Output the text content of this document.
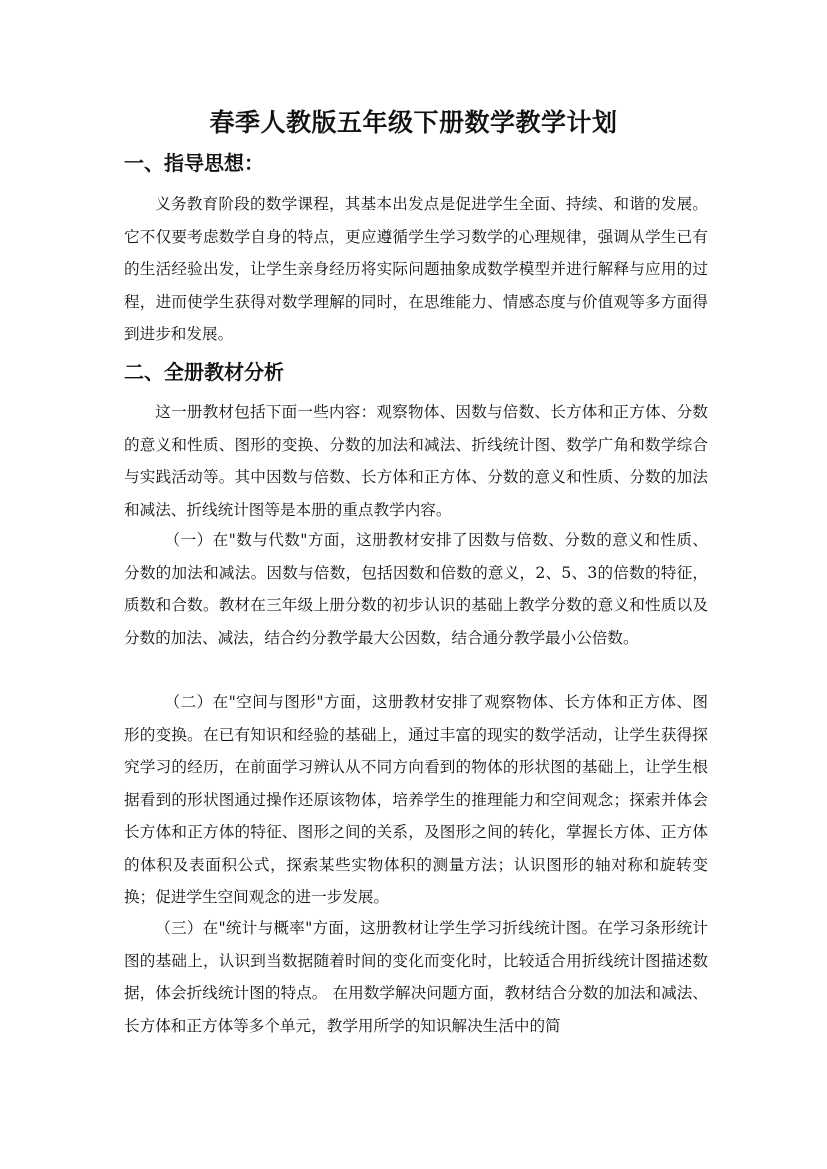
春季人教版五年级下册数学教学计划
一、指导思想：

义务教育阶段的数学课程，其基本出发点是促进学生全面、持续、和谐的发展。它不仅要考虑数学自身的特点，更应遵循学生学习数学的心理规律，强调从学生已有的生活经验出发，让学生亲身经历将实际问题抽象成数学模型并进行解释与应用的过程，进而使学生获得对数学理解的同时，在思维能力、情感态度与价值观等多方面得到进步和发展。

二、全册教材分析

这一册教材包括下面一些内容：观察物体、因数与倍数、长方体和正方体、分数的意义和性质、图形的变换、分数的加法和减法、折线统计图、数学广角和数学综合与实践活动等。其中因数与倍数、长方体和正方体、分数的意义和性质、分数的加法和减法、折线统计图等是本册的重点教学内容。

（一）在"数与代数"方面，这册教材安排了因数与倍数、分数的意义和性质、分数的加法和减法。因数与倍数，包括因数和倍数的意义，2、5、3的倍数的特征，质数和合数。教材在三年级上册分数的初步认识的基础上教学分数的意义和性质以及分数的加法、减法，结合约分教学最大公因数，结合通分教学最小公倍数。

（二）在"空间与图形"方面，这册教材安排了观察物体、长方体和正方体、图形的变换。在已有知识和经验的基础上，通过丰富的现实的数学活动，让学生获得探究学习的经历，在前面学习辨认从不同方向看到的物体的形状图的基础上，让学生根据看到的形状图通过操作还原该物体，培养学生的推理能力和空间观念；探索并体会长方体和正方体的特征、图形之间的关系，及图形之间的转化，掌握长方体、正方体的体积及表面积公式，探索某些实物体积的测量方法；认识图形的轴对称和旋转变换；促进学生空间观念的进一步发展。

（三）在"统计与概率"方面，这册教材让学生学习折线统计图。在学习条形统计图的基础上，认识到当数据随着时间的变化而变化时，比较适合用折线统计图描述数据，体会折线统计图的特点。 在用数学解决问题方面，教材结合分数的加法和减法、长方体和正方体等多个单元，教学用所学的知识解决生活中的简
